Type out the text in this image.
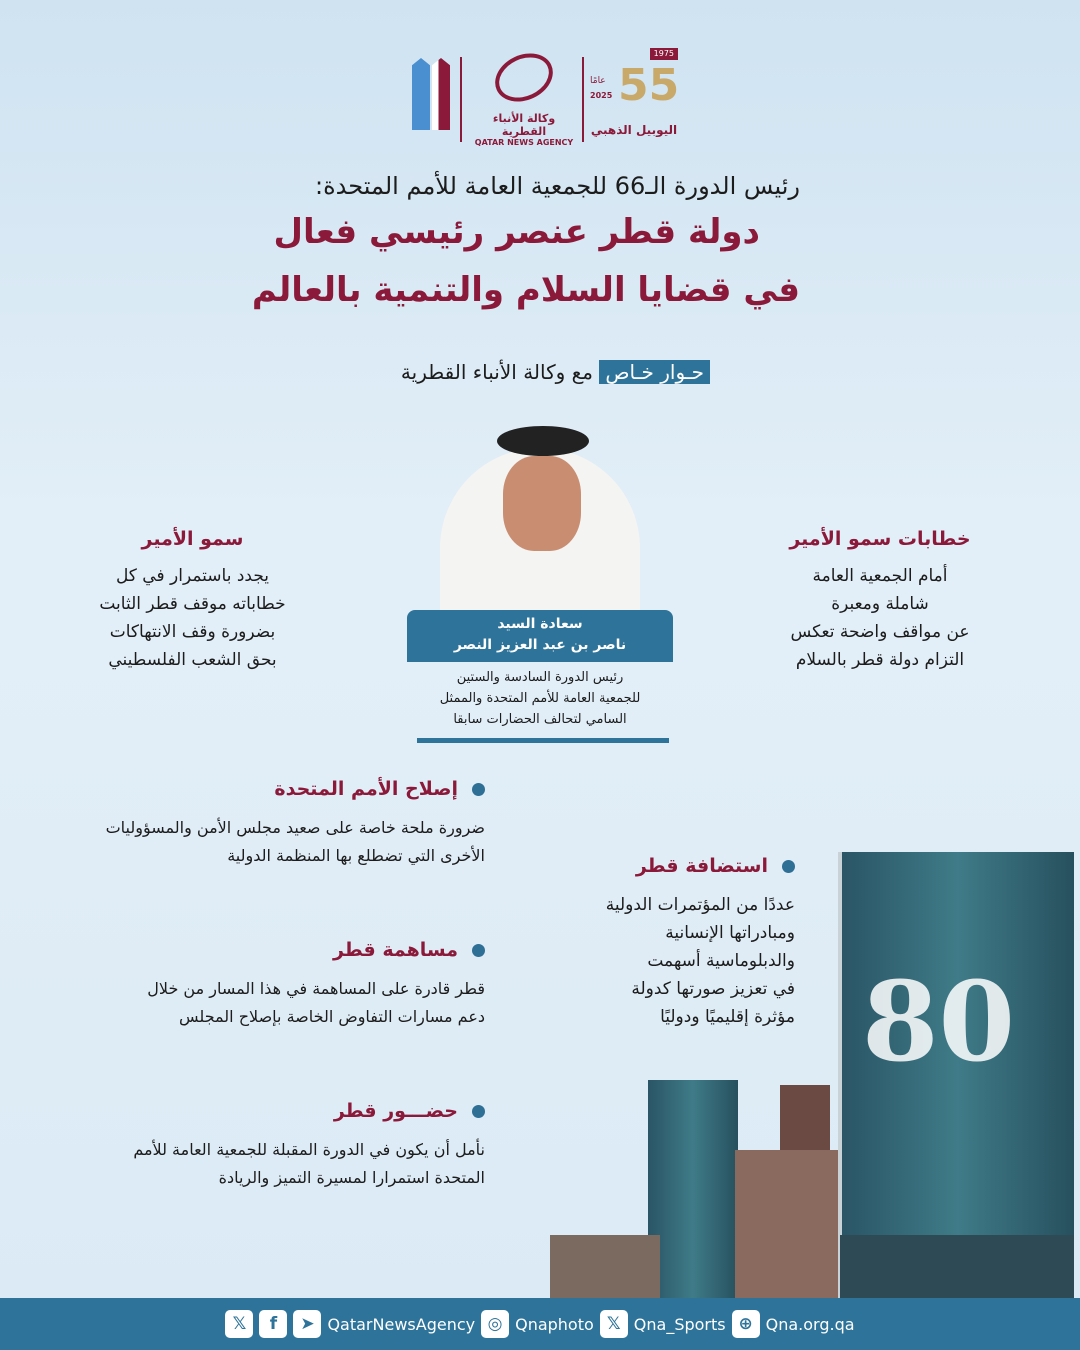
وكالة الأنباء القطرية
QATAR NEWS AGENCY
1975
عامًا
2025 55
اليوبيل الذهبي
رئيس الدورة الـ66 للجمعية العامة للأمم المتحدة:
دولة قطر عنصر رئيسي فعال
في قضايا السلام والتنمية بالعالم
حـوار خـاص مع وكالة الأنباء القطرية
سعادة السيد
ناصر بن عبد العزيز النصر
رئيس الدورة السادسة والستين
للجمعية العامة للأمم المتحدة والممثل
السامي لتحالف الحضارات سابقا
خطابات سمو الأمير
أمام الجمعية العامة
شاملة ومعبرة
عن مواقف واضحة تعكس
التزام دولة قطر بالسلام
سمو الأمير
يجدد باستمرار في كل
خطاباته موقف قطر الثابت
بضرورة وقف الانتهاكات
بحق الشعب الفلسطيني
إصلاح الأمم المتحدة
ضرورة ملحة خاصة على صعيد مجلس الأمن والمسؤوليات
الأخرى التي تضطلع بها المنظمة الدولية
مساهمة قطر
قطر قادرة على المساهمة في هذا المسار من خلال
دعم مسارات التفاوض الخاصة بإصلاح المجلس
حضـــور قطر
نأمل أن يكون في الدورة المقبلة للجمعية العامة للأمم
المتحدة استمرارا لمسيرة التميز والريادة
استضافة قطر
عددًا من المؤتمرات الدولية
ومبادراتها الإنسانية
والدبلوماسية أسهمت
في تعزيز صورتها كدولة
مؤثرة إقليميًا ودوليًا 80
𝕏	f	➤ QatarNewsAgency ◎ Qnaphoto 𝕏 Qna_Sports ⊕ Qna.org.qa
